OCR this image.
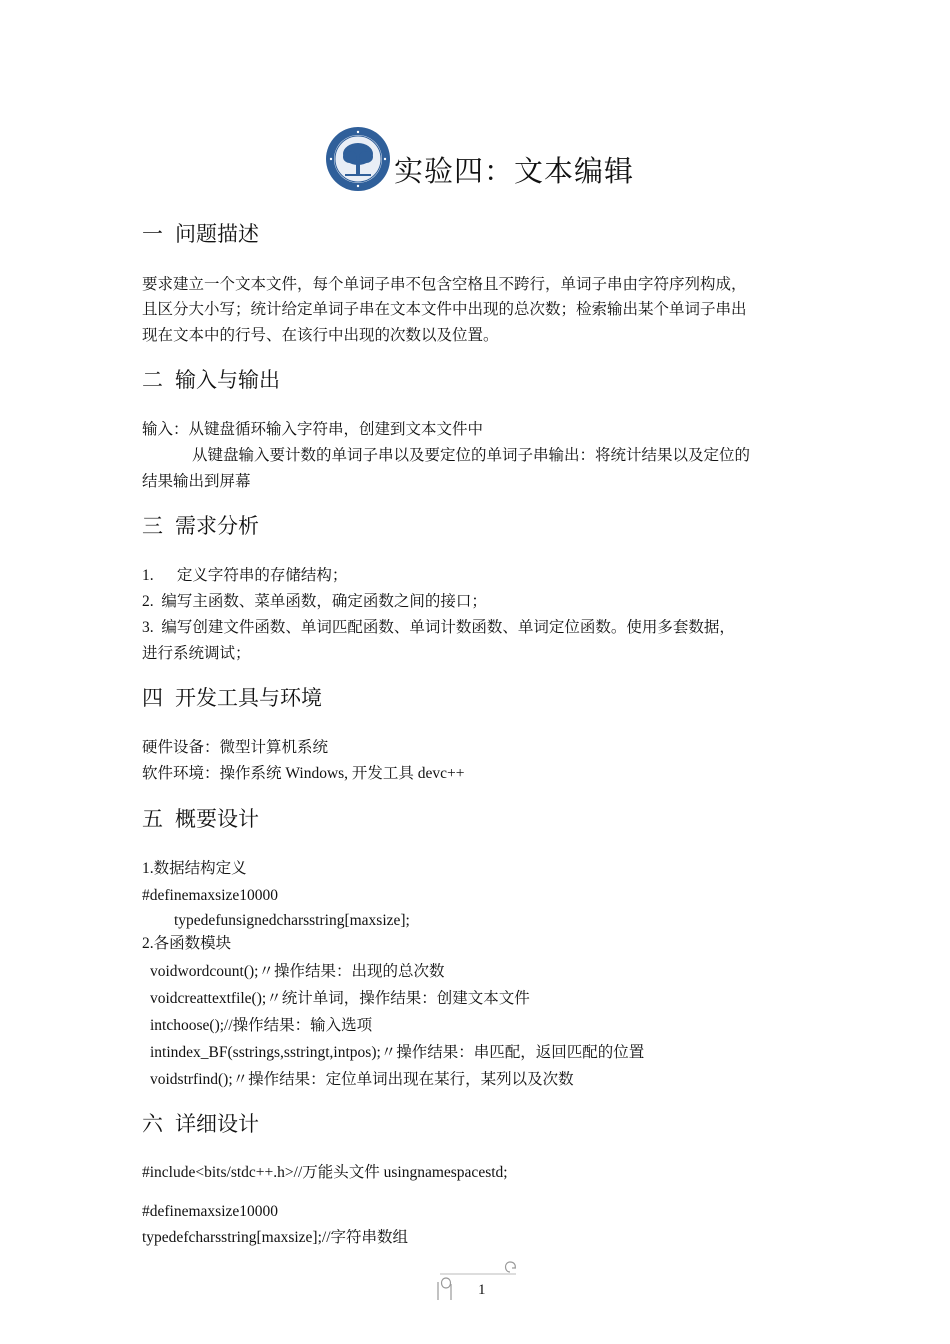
实验四：文本编辑
一 问题描述
要求建立一个文本文件，每个单词子串不包含空格且不跨行，单词子串由字符序列构成，
且区分大小写；统计给定单词子串在文本文件中出现的总次数；检索输出某个单词子串出
现在文本中的行号、在该行中出现的次数以及位置。
二 输入与输出
输入：从键盘循环输入字符串，创建到文本文件中
从键盘输入要计数的单词子串以及要定位的单词子串输出：将统计结果以及定位的
结果输出到屏幕
三 需求分析
1.      定义字符串的存储结构；
2.  编写主函数、菜单函数，确定函数之间的接口；
3.  编写创建文件函数、单词匹配函数、单词计数函数、单词定位函数。使用多套数据，
进行系统调试；
四 开发工具与环境
硬件设备：微型计算机系统
软件环境：操作系统 Windows, 开发工具 devc++
五 概要设计
1.数据结构定义
#definemaxsize10000
typedefunsignedcharsstring[maxsize];
2.各函数模块
voidwordcount();〃操作结果：出现的总次数
voidcreattextfile();〃统计单词，操作结果：创建文本文件
intchoose();//操作结果：输入选项
intindex_BF(sstrings,sstringt,intpos);〃操作结果：串匹配，返回匹配的位置
voidstrfind();〃操作结果：定位单词出现在某行，某列以及次数
六 详细设计
#include<bits/stdc++.h>//万能头文件 usingnamespacestd;
#definemaxsize10000
typedefcharsstring[maxsize];//字符串数组
1
